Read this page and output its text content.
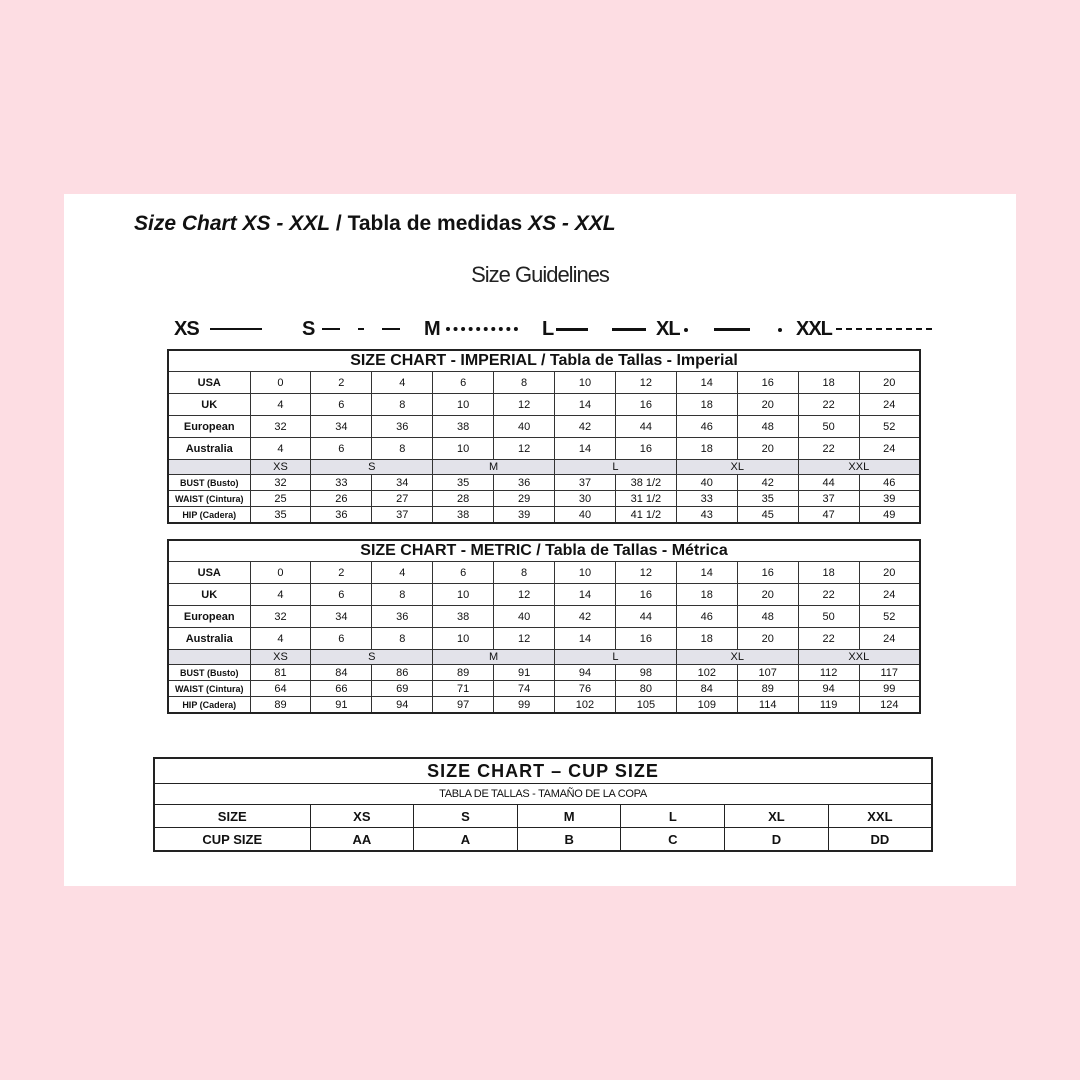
Size Chart XS - XXL / Tabla de medidas XS - XXL
Size Guidelines
XS	S	M	L	XL	XXL
SIZE CHART - IMPERIAL / Tabla de Tallas - Imperial											
USA	0	2	4	6	8	10	12	14	16	18	20
UK	4	6	8	10	12	14	16	18	20	22	24
European	32	34	36	38	40	42	44	46	48	50	52
Australia	4	6	8	10	12	14	16	18	20	22	24
	XS	S		M		L		XL		XXL	
BUST (Busto)	32	33	34	35	36	37	38 1/2	40	42	44	46
WAIST (Cintura)	25	26	27	28	29	30	31 1/2	33	35	37	39
HIP (Cadera)	35	36	37	38	39	40	41 1/2	43	45	47	49
SIZE CHART - METRIC / Tabla de Tallas - Métrica											
USA	0	2	4	6	8	10	12	14	16	18	20
UK	4	6	8	10	12	14	16	18	20	22	24
European	32	34	36	38	40	42	44	46	48	50	52
Australia	4	6	8	10	12	14	16	18	20	22	24
	XS	S		M		L		XL		XXL	
BUST (Busto)	81	84	86	89	91	94	98	102	107	112	117
WAIST (Cintura)	64	66	69	71	74	76	80	84	89	94	99
HIP (Cadera)	89	91	94	97	99	102	105	109	114	119	124
SIZE CHART – CUP SIZE						
TABLA DE TALLAS - TAMAÑO DE LA COPA						
SIZE	XS	S	M	L	XL	XXL
CUP SIZE	AA	A	B	C	D	DD
